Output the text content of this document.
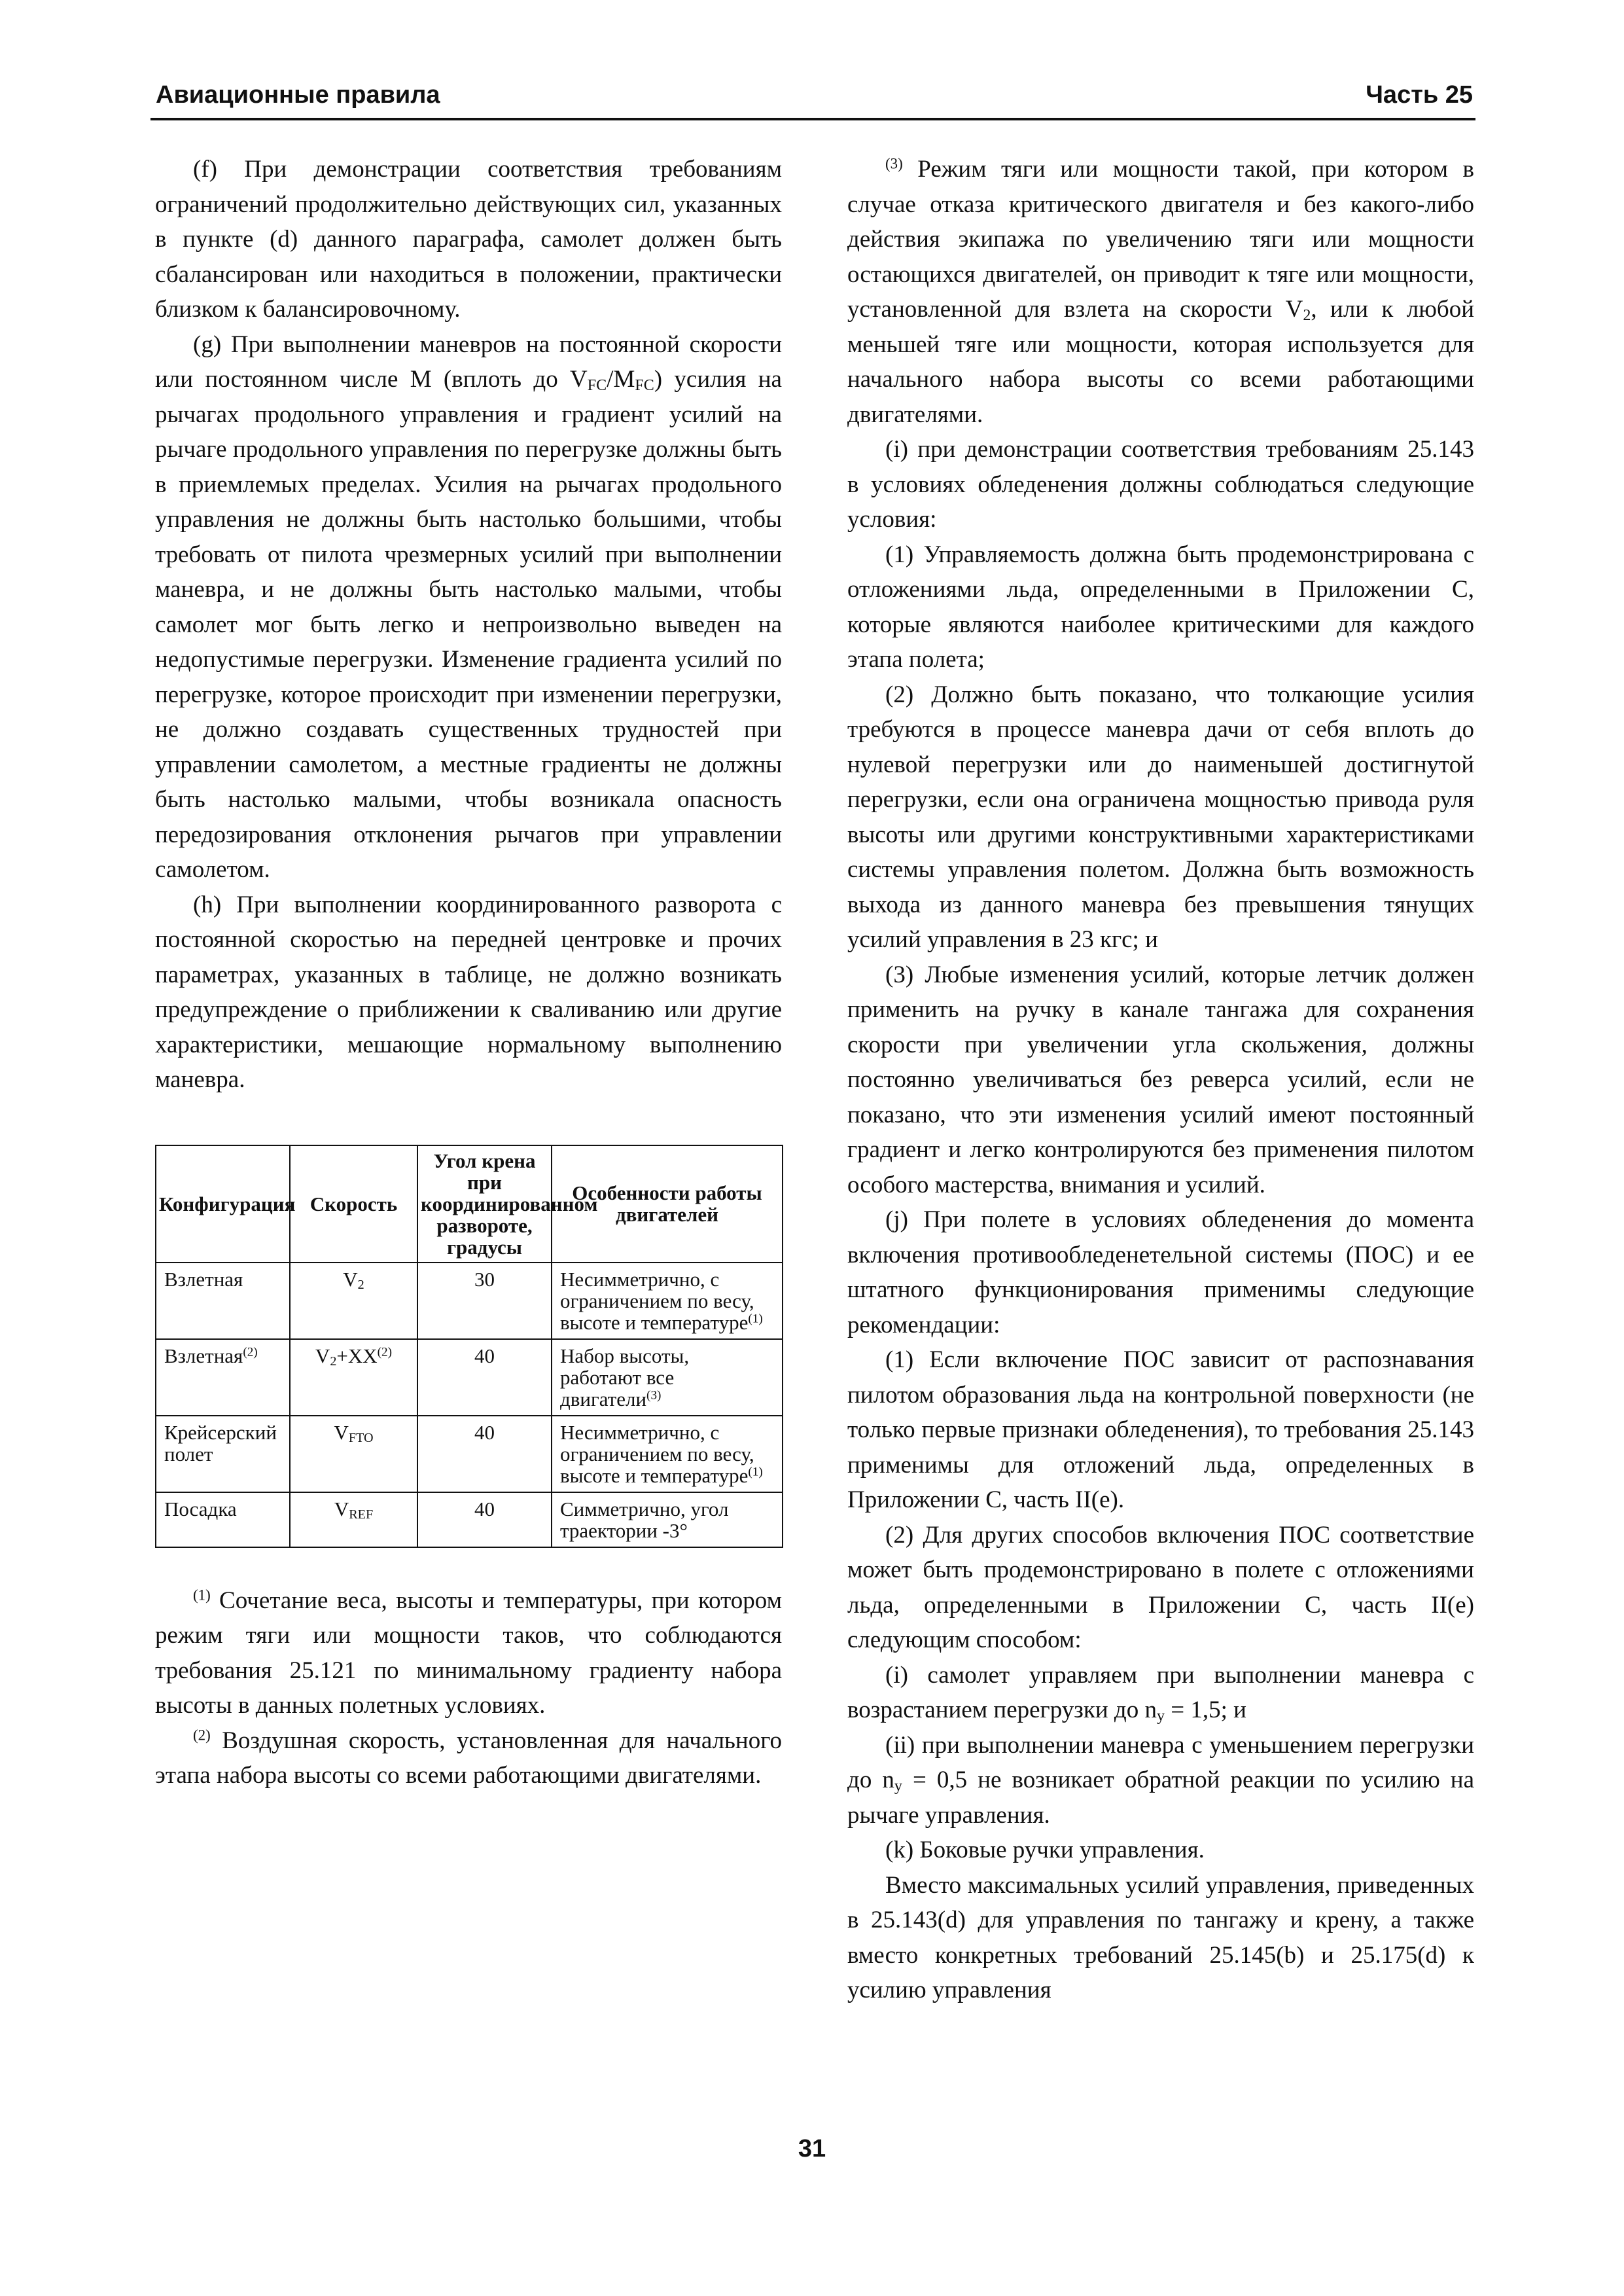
Авиационные правила	Часть 25

(f) При демонстрации соответствия требованиям ограничений продолжительно действующих сил, указанных в пункте (d) данного параграфа, самолет должен быть сбалансирован или находиться в положении, практически близком к балансировочному.

(g) При выполнении маневров на постоянной скорости или постоянном числе М (вплоть до $V_{FC}/M_{FC}$) усилия на рычагах продольного управления и градиент усилий на рычаге продольного управления по перегрузке должны быть в приемлемых пределах. Усилия на рычагах продольного управления не должны быть настолько большими, чтобы требовать от пилота чрезмерных усилий при выполнении маневра, и не должны быть настолько малыми, чтобы самолет мог быть легко и непроизвольно выведен на недопустимые перегрузки. Изменение градиента усилий по перегрузке, которое происходит при изменении перегрузки, не должно создавать существенных трудностей при управлении самолетом, а местные градиенты не должны быть настолько малыми, чтобы возникала опасность передозирования отклонения рычагов при управлении самолетом.

(h) При выполнении координированного разворота с постоянной скоростью на передней центровке и прочих параметрах, указанных в таблице, не должно возникать предупреждение о приближении к сваливанию или другие характеристики, мешающие нормальному выполнению маневра.

Конфигурация	Скорость	Угол крена при координированном развороте, градусы	Особенности работы двигателей
Взлетная	$V_2$	30	Несимметрично, с ограничением по весу, высоте и температуре$^{(1)}$
Взлетная$^{(2)}$	$V_2+XX^{(2)}$	40	Набор высоты, работают все двигатели$^{(3)}$
Крейсерский полет	$V_{FTO}$	40	Несимметрично, с ограничением по весу, высоте и температуре$^{(1)}$
Посадка	$V_{REF}$	40	Симметрично, угол траектории -3°

$^{(1)}$ Сочетание веса, высоты и температуры, при котором режим тяги или мощности таков, что соблюдаются требования 25.121 по минимальному градиенту набора высоты в данных полетных условиях.

$^{(2)}$ Воздушная скорость, установленная для начального этапа набора высоты со всеми работающими двигателями.

$^{(3)}$ Режим тяги или мощности такой, при котором в случае отказа критического двигателя и без какого-либо действия экипажа по увеличению тяги или мощности остающихся двигателей, он приводит к тяге или мощности, установленной для взлета на скорости $V_2$, или к любой меньшей тяге или мощности, которая используется для начального набора высоты со всеми работающими двигателями.

(i) при демонстрации соответствия требованиям 25.143 в условиях обледенения должны соблюдаться следующие условия:

(1) Управляемость должна быть продемонстрирована с отложениями льда, определенными в Приложении С, которые являются наиболее критическими для каждого этапа полета;

(2) Должно быть показано, что толкающие усилия требуются в процессе маневра дачи от себя вплоть до нулевой перегрузки или до наименьшей достигнутой перегрузки, если она ограничена мощностью привода руля высоты или другими конструктивными характеристиками системы управления полетом. Должна быть возможность выхода из данного маневра без превышения тянущих усилий управления в 23 кгс; и

(3) Любые изменения усилий, которые летчик должен применить на ручку в канале тангажа для сохранения скорости при увеличении угла скольжения, должны постоянно увеличиваться без реверса усилий, если не показано, что эти изменения усилий имеют постоянный градиент и легко контролируются без применения пилотом особого мастерства, внимания и усилий.

(j) При полете в условиях обледенения до момента включения противообледенетельной системы (ПОС) и ее штатного функционирования применимы следующие рекомендации:

(1) Если включение ПОС зависит от распознавания пилотом образования льда на контрольной поверхности (не только первые признаки обледенения), то требования 25.143 применимы для отложений льда, определенных в Приложении С, часть II(е).

(2) Для других способов включения ПОС соответствие может быть продемонстрировано в полете с отложениями льда, определенными в Приложении С, часть II(е) следующим способом:

(i) самолет управляем при выполнении маневра с возрастанием перегрузки до $n_y = 1,5$; и

(ii) при выполнении маневра с уменьшением перегрузки до $n_y = 0,5$ не возникает обратной реакции по усилию на рычаге управления.

(k) Боковые ручки управления.

Вместо максимальных усилий управления, приведенных в 25.143(d) для управления по тангажу и крену, а также вместо конкретных требований 25.145(b) и 25.175(d) к усилию управления

31
